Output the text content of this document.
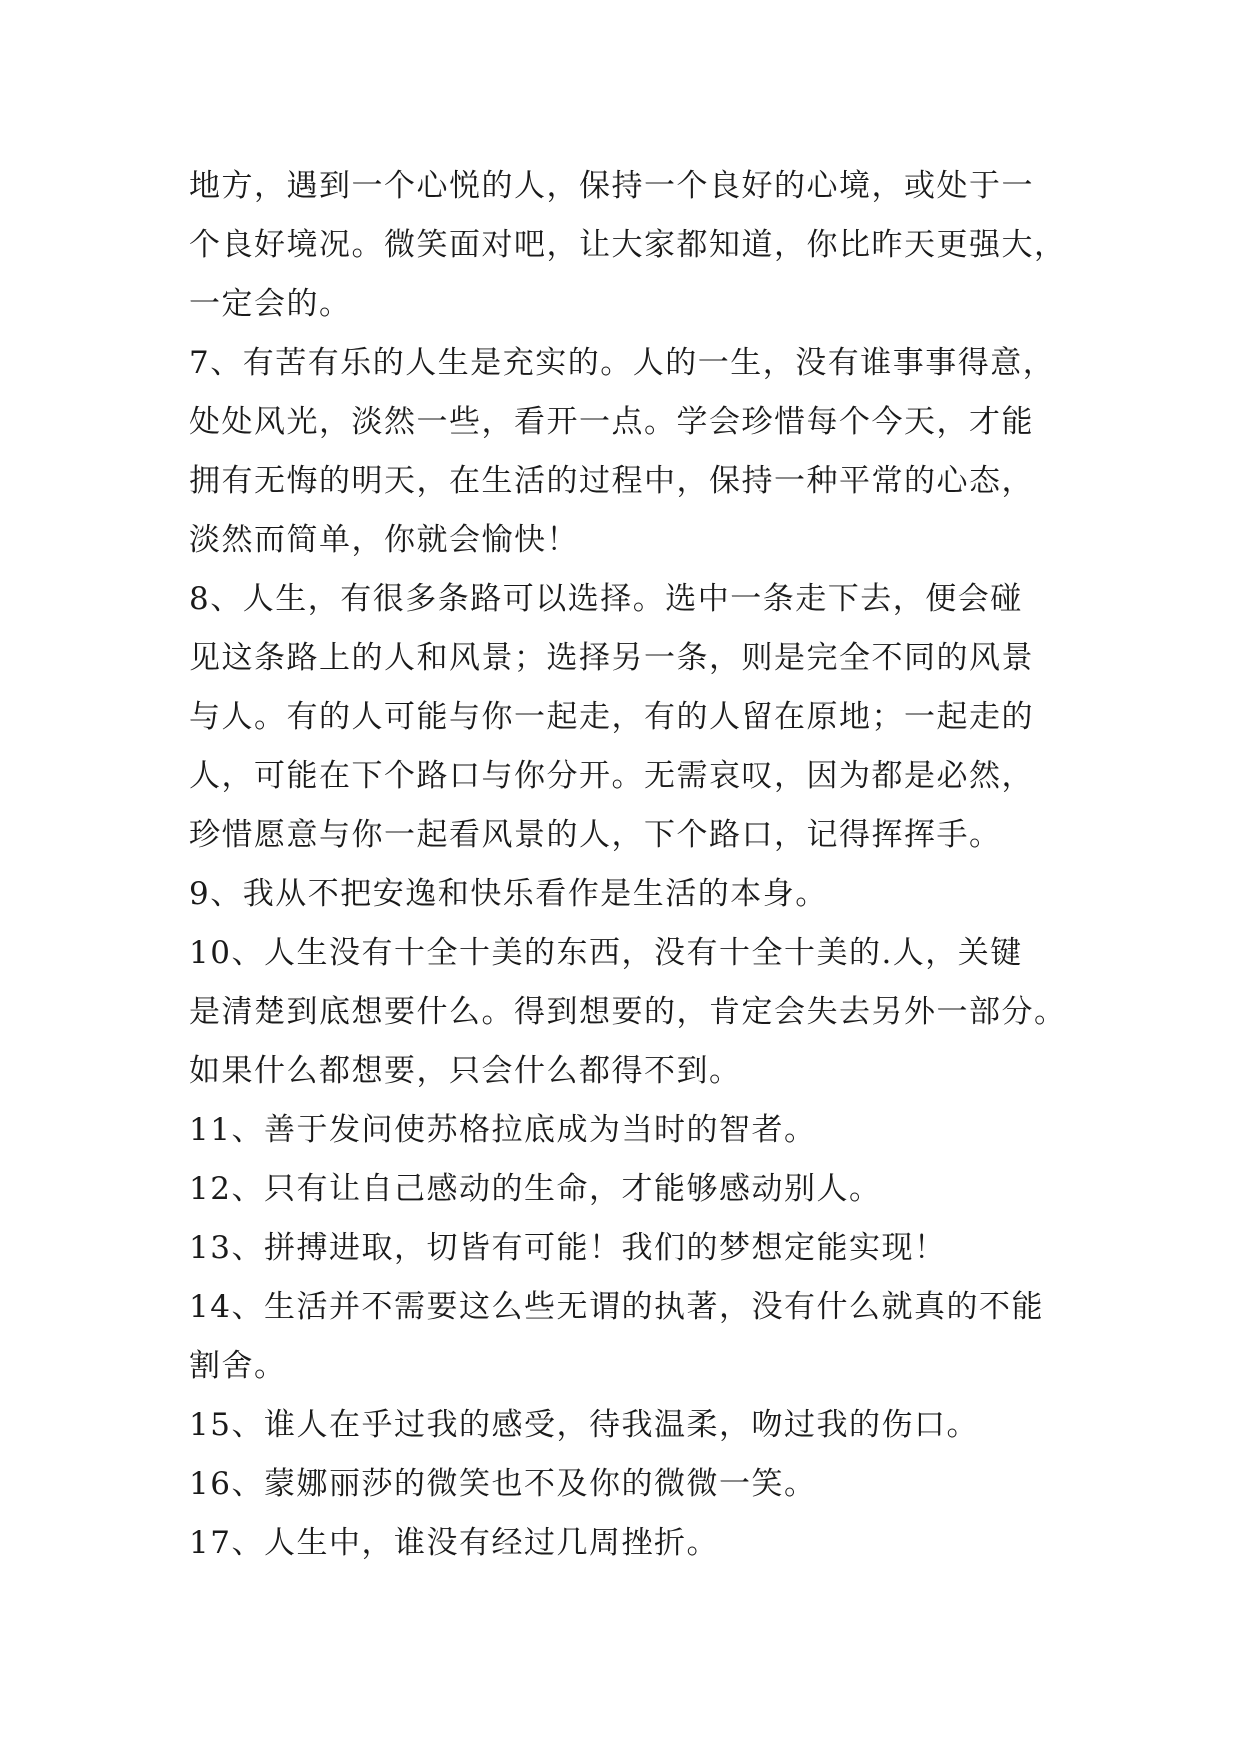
地方，遇到一个心悦的人，保持一个良好的心境，或处于一
个良好境况。微笑面对吧，让大家都知道，你比昨天更强大，
一定会的。
7、有苦有乐的人生是充实的。人的一生，没有谁事事得意，
处处风光，淡然一些，看开一点。学会珍惜每个今天，才能
拥有无悔的明天，在生活的过程中，保持一种平常的心态，
淡然而简单，你就会愉快！
8、人生，有很多条路可以选择。选中一条走下去，便会碰
见这条路上的人和风景；选择另一条，则是完全不同的风景
与人。有的人可能与你一起走，有的人留在原地；一起走的
人，可能在下个路口与你分开。无需哀叹，因为都是必然，
珍惜愿意与你一起看风景的人，下个路口，记得挥挥手。
9、我从不把安逸和快乐看作是生活的本身。
10、人生没有十全十美的东西，没有十全十美的.人，关键
是清楚到底想要什么。得到想要的，肯定会失去另外一部分。
如果什么都想要，只会什么都得不到。
11、善于发问使苏格拉底成为当时的智者。
12、只有让自己感动的生命，才能够感动别人。
13、拼搏进取，切皆有可能！我们的梦想定能实现！
14、生活并不需要这么些无谓的执著，没有什么就真的不能
割舍。
15、谁人在乎过我的感受，待我温柔，吻过我的伤口。
16、蒙娜丽莎的微笑也不及你的微微一笑。
17、人生中，谁没有经过几周挫折。
